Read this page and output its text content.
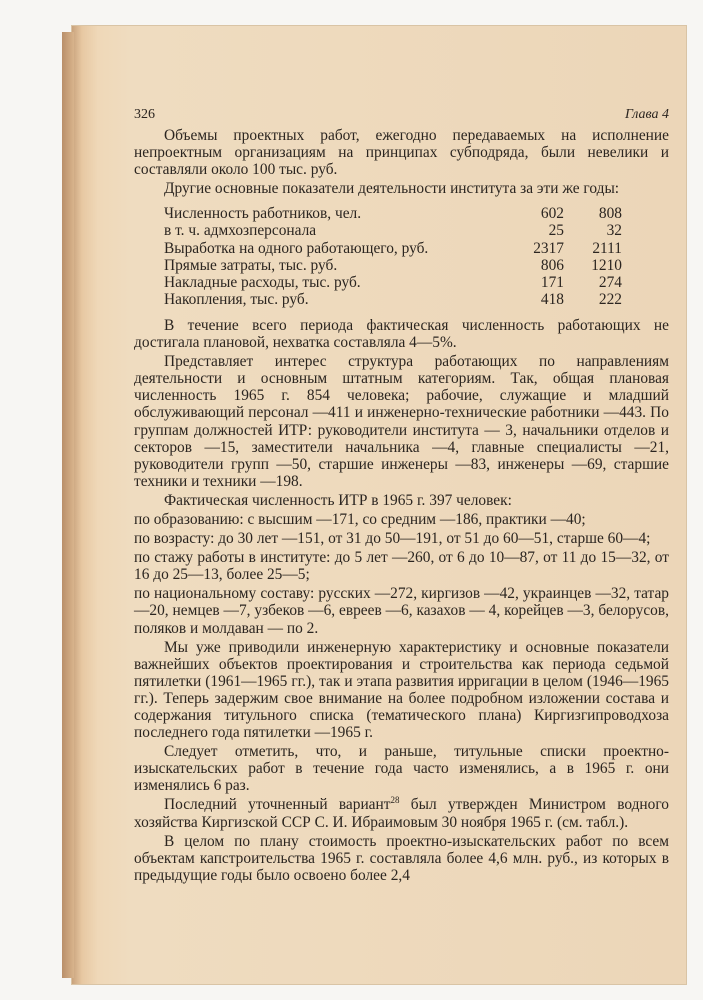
326	Глава 4

Объемы проектных работ, ежегодно передаваемых на исполнение непроектным организациям на принципах субподряда, были невелики и составляли около 100 тыс. руб.

Другие основные показатели деятельности института за эти же годы:

Численность работников, чел.	602	808
в т. ч. адмхозперсонала	25	32
Выработка на одного работающего, руб.	2317	2111
Прямые затраты, тыс. руб.	806	1210
Накладные расходы, тыс. руб.	171	274
Накопления, тыс. руб.	418	222

В течение всего периода фактическая численность работающих не достигала плановой, нехватка составляла 4—5%.

Представляет интерес структура работающих по направлениям деятельности и основным штатным категориям. Так, общая плановая численность 1965 г. 854 человека; рабочие, служащие и младший обслуживающий персонал —411 и инженерно-технические работники —443. По группам должностей ИТР: руководители института — 3, начальники отделов и секторов —15, заместители начальника —4, главные специалисты —21, руководители групп —50, старшие инженеры —83, инженеры —69, старшие техники и техники —198.

Фактическая численность ИТР в 1965 г. 397 человек:

по образованию: с высшим —171, со средним —186, практики —40;

по возрасту: до 30 лет —151, от 31 до 50—191, от 51 до 60—51, старше 60—4;

по стажу работы в институте: до 5 лет —260, от 6 до 10—87, от 11 до 15—32, от 16 до 25—13, более 25—5;

по национальному составу: русских —272, киргизов —42, украинцев —32, татар —20, немцев —7, узбеков —6, евреев —6, казахов — 4, корейцев —3, белорусов, поляков и молдаван — по 2.

Мы уже приводили инженерную характеристику и основные показатели важнейших объектов проектирования и строительства как периода седьмой пятилетки (1961—1965 гг.), так и этапа развития ирригации в целом (1946—1965 гг.). Теперь задержим свое внимание на более подробном изложении состава и содержания титульного списка (тематического плана) Киргизгипроводхоза последнего года пятилетки —1965 г.

Следует отметить, что, и раньше, титульные списки проектно-изыскательских работ в течение года часто изменялись, а в 1965 г. они изменялись 6 раз.

Последний уточненный вариант$^{28}$ был утвержден Министром водного хозяйства Киргизской ССР С. И. Ибраимовым 30 ноября 1965 г. (см. табл.).

В целом по плану стоимость проектно-изыскательских работ по всем объектам капстроительства 1965 г. составляла более 4,6 млн. руб., из которых в предыдущие годы было освоено более 2,4
